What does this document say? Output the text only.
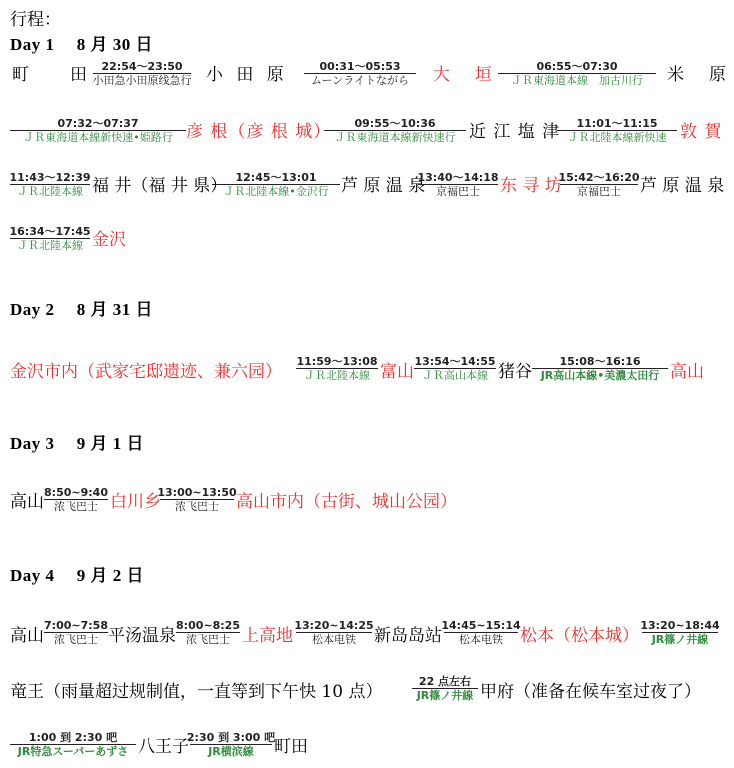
行程：
Day 1　 8 月 30 日
町　田 22:54～23:50
小田急小田原线急行 小 田 原	00:31～05:53
ムーンライトながら 大　垣	06:55～07:30
ＪＲ東海道本線　加古川行 米　原
07:32～07:37
ＪＲ東海道本線新快速•姫路行 彦 根（彦 根 城） 09:55～10:36
ＪＲ東海道本線新快速行 近 江 塩 津 11:01～11:15
ＪＲ北陸本線新快速 敦 賀
11:43～12:39
ＪＲ北陸本線 福 井（福 井 県） 12:45～13:01
ＪＲ北陸本線•金沢行 芦 原 温 泉
13:40～14:18
京福巴士 东 寻 坊
15:42～16:20
京福巴士 芦 原 温 泉
16:34～17:45
ＪＲ北陸本線 金沢
Day 2　 8 月 31 日
金沢市内（武家宅邸遗迹、兼六园）
11:59～13:08
ＪＲ北陸本線 富山
13:54～14:55
ＪＲ高山本線 猪谷
15:08～16:16
JR高山本線•美濃太田行 高山
Day 3　 9 月 1 日
高山 8:50~9:40
浓飞巴士 白川乡
13:00~13:50
浓飞巴士 高山市内（古街、城山公园）
Day 4　 9 月 2 日
高山
7:00~7:58
浓飞巴士 平汤温泉
8:00~8:25
浓飞巴士 上高地
13:20~14:25
松本电铁 新岛岛站
14:45~15:14
松本电铁 松本（松本城）
13:20~18:44
JR篠ノ井線
竜王（雨量超过规制值，一直等到下午快 10 点）
22 点左右
JR篠ノ井線 甲府（准备在候车室过夜了）
1:00 到 2:30 吧
JR特急スーパーあずさ 八王子
2:30 到 3:00 吧
JR横滨線 町田
